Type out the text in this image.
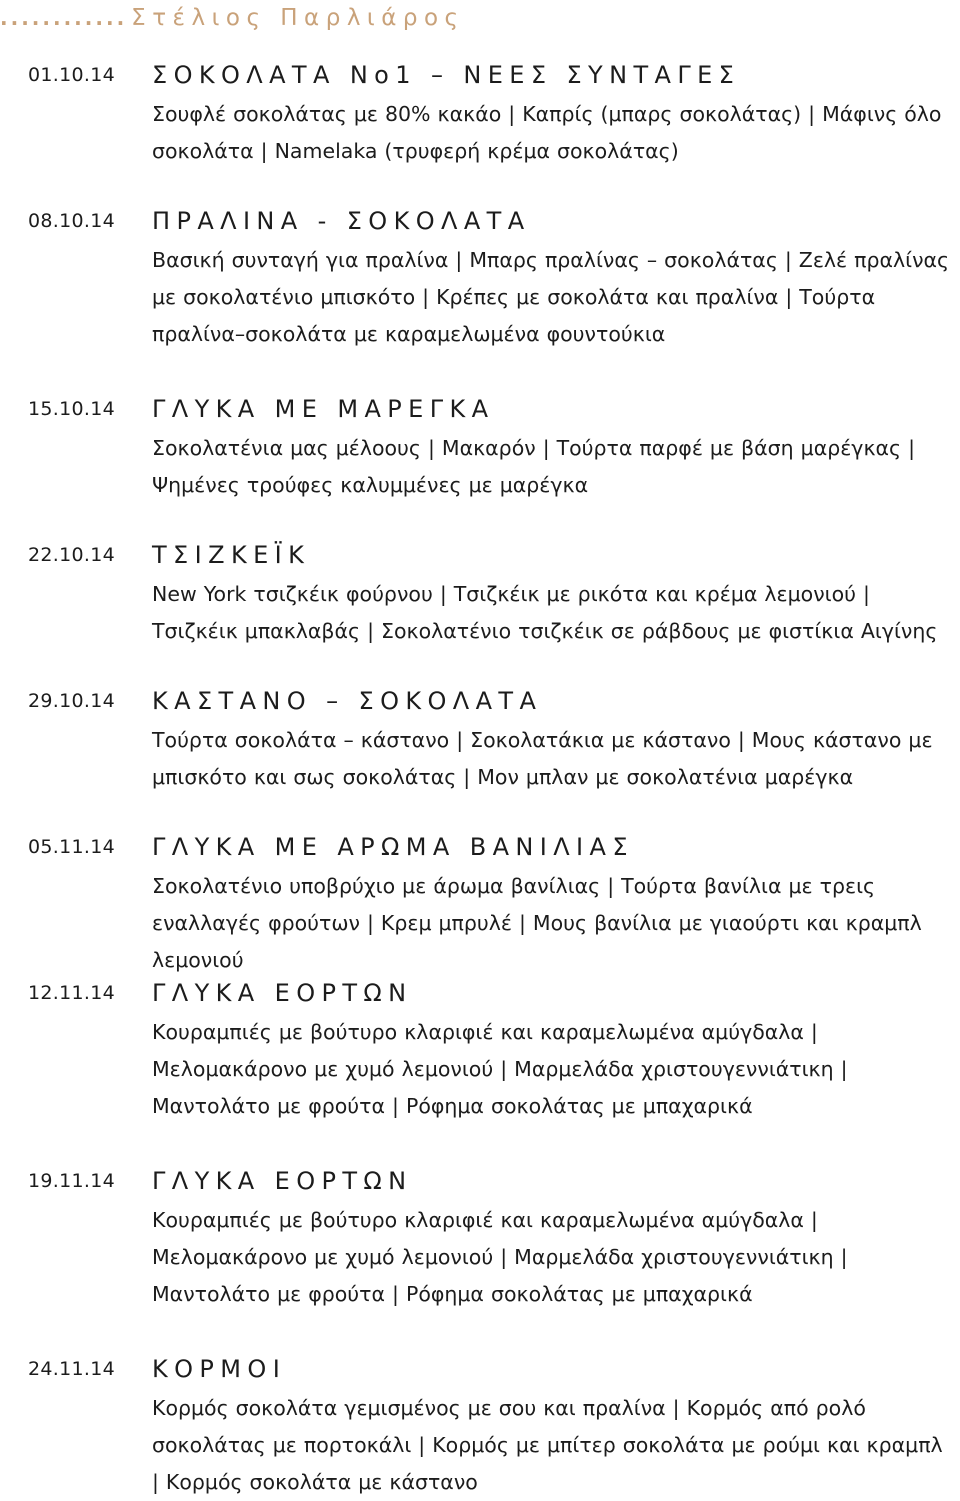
............ Στέλιος Παρλιάρος
01.10.14 ΣΟΚΟΛΑΤΑ Νο1 – ΝΕΕΣ ΣΥΝΤΑΓΕΣ
Σουφλέ σοκολάτας με 80% κακάο | Καπρίς (μπαρς σοκολάτας) | Μάφινς όλο σοκολάτα | Namelaka (τρυφερή κρέμα σοκολάτας)
08.10.14 ΠΡΑΛΙΝΑ - ΣΟΚΟΛΑΤΑ
Βασική συνταγή για πραλίνα | Μπαρς πραλίνας – σοκολάτας | Ζελέ πραλίνας με σοκολατένιο μπισκότο | Κρέπες με σοκολάτα και πραλίνα | Τούρτα πραλίνα–σοκολάτα με καραμελωμένα φουντούκια
15.10.14 ΓΛΥΚΑ ΜΕ ΜΑΡΕΓΚΑ
Σοκολατένια μας μέλοους | Μακαρόν | Τούρτα παρφέ με βάση μαρέγκας | Ψημένες τρούφες καλυμμένες με μαρέγκα
22.10.14 ΤΣΙΖΚΕΪΚ
New York τσιζκέικ φούρνου | Τσιζκέικ με ρικότα και κρέμα λεμονιού | Τσιζκέικ μπακλαβάς | Σοκολατένιο τσιζκέικ σε ράβδους με φιστίκια Αιγίνης
29.10.14 ΚΑΣΤΑΝΟ – ΣΟΚΟΛΑΤΑ
Τούρτα σοκολάτα – κάστανο | Σοκολατάκια με κάστανο | Μους κάστανο με μπισκότο και σως σοκολάτας | Μον μπλαν με σοκολατένια μαρέγκα
05.11.14 ΓΛΥΚΑ ΜΕ ΑΡΩΜΑ ΒΑΝΙΛΙΑΣ
Σοκολατένιο υποβρύχιο με άρωμα βανίλιας | Τούρτα βανίλια με τρεις εναλλαγές φρούτων | Κρεμ μπρυλέ | Μους βανίλια με γιαούρτι και κραμπλ λεμονιού
12.11.14 ΓΛΥΚΑ ΕΟΡΤΩΝ
Κουραμπιές με βούτυρο κλαριφιέ και καραμελωμένα αμύγδαλα | Μελομακάρονο με χυμό λεμονιού | Μαρμελάδα χριστουγεννιάτικη | Μαντολάτο με φρούτα | Ρόφημα σοκολάτας με μπαχαρικά
19.11.14 ΓΛΥΚΑ ΕΟΡΤΩΝ
Κουραμπιές με βούτυρο κλαριφιέ και καραμελωμένα αμύγδαλα | Μελομακάρονο με χυμό λεμονιού | Μαρμελάδα χριστουγεννιάτικη | Μαντολάτο με φρούτα | Ρόφημα σοκολάτας με μπαχαρικά
24.11.14 ΚΟΡΜΟΙ
Κορμός σοκολάτα γεμισμένος με σου και πραλίνα | Κορμός από ρολό σοκολάτας με πορτοκάλι | Κορμός με μπίτερ σοκολάτα με ρούμι και κραμπλ | Κορμός σοκολάτα με κάστανο
